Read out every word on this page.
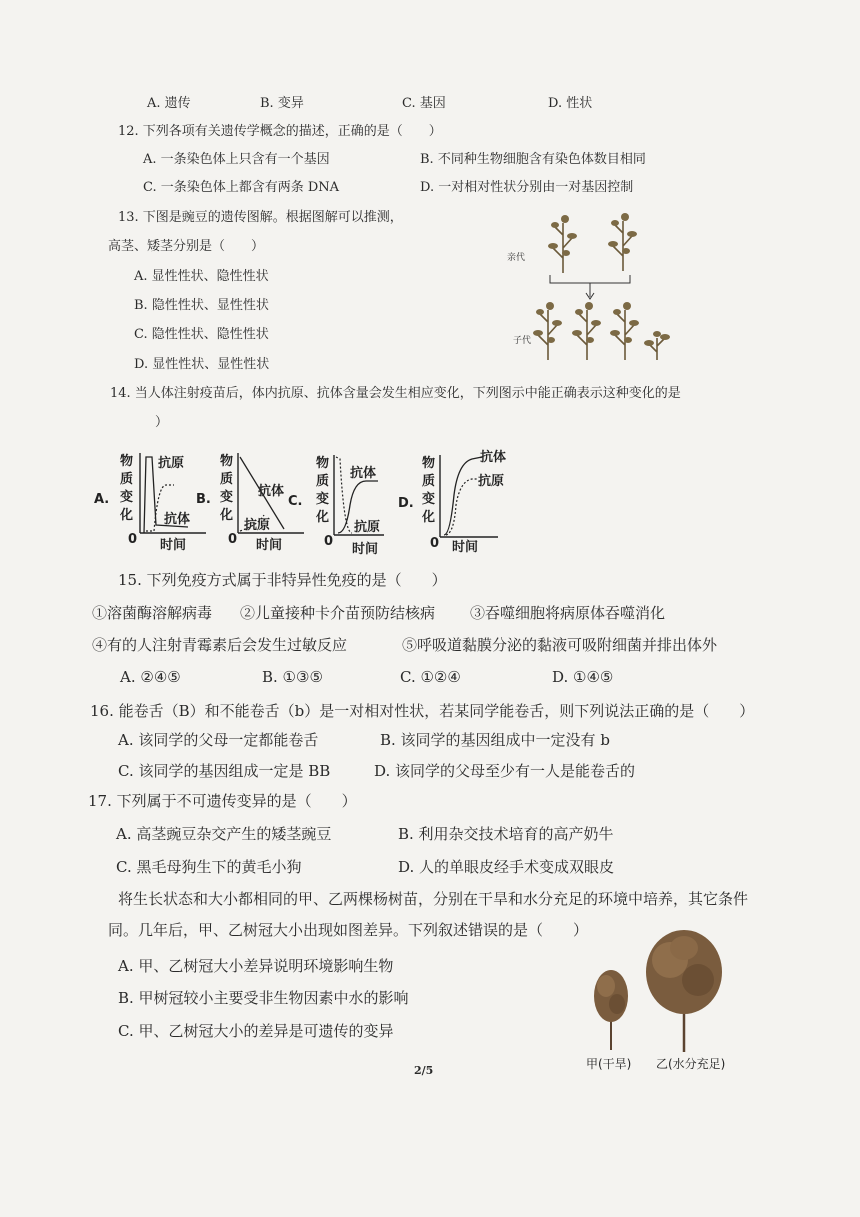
A. 遗传	B. 变异	C. 基因	D. 性状
12. 下列各项有关遗传学概念的描述，正确的是（　　）
A. 一条染色体上只含有一个基因	B. 不同种生物细胞含有染色体数目相同
C. 一条染色体上都含有两条 DNA	D. 一对相对性状分别由一对基因控制
13. 下图是豌豆的遗传图解。根据图解可以推测，
高茎、矮茎分别是（　　）
A. 显性性状、隐性性状
B. 隐性性状、显性性状
C. 隐性性状、隐性性状
D. 显性性状、显性性状
亲代
子代
14. 当人体注射疫苗后，体内抗原、抗体含量会发生相应变化，下列图示中能正确表示这种变化的是
）
A.
物
质
变
化
0 时间
抗原
抗体
B.
物
质
变
化
0 时间
抗体
抗原
C.
物
质
变
化
0
时间
抗体
抗原
D.
物
质
变
化
0 时间
抗体
抗原
15. 下列免疫方式属于非特异性免疫的是（　　）
①溶菌酶溶解病毒 ②儿童接种卡介苗预防结核病 ③吞噬细胞将病原体吞噬消化
④有的人注射青霉素后会发生过敏反应	⑤呼吸道黏膜分泌的黏液可吸附细菌并排出体外
A. ②④⑤	B. ①③⑤	C. ①②④	D. ①④⑤
16. 能卷舌（B）和不能卷舌（b）是一对相对性状，若某同学能卷舌，则下列说法正确的是（　　）
A. 该同学的父母一定都能卷舌	B. 该同学的基因组成中一定没有 b
C. 该同学的基因组成一定是 BB	D. 该同学的父母至少有一人是能卷舌的
17. 下列属于不可遗传变异的是（　　）
A. 高茎豌豆杂交产生的矮茎豌豆	B. 利用杂交技术培育的高产奶牛
C. 黑毛母狗生下的黄毛小狗	D. 人的单眼皮经手术变成双眼皮
将生长状态和大小都相同的甲、乙两棵杨树苗，分别在干旱和水分充足的环境中培养，其它条件
同。几年后，甲、乙树冠大小出现如图差异。下列叙述错误的是（　　）
A. 甲、乙树冠大小差异说明环境影响生物
B. 甲树冠较小主要受非生物因素中水的影响
C. 甲、乙树冠大小的差异是可遗传的变异
甲(干旱) 乙(水分充足)
2/5
